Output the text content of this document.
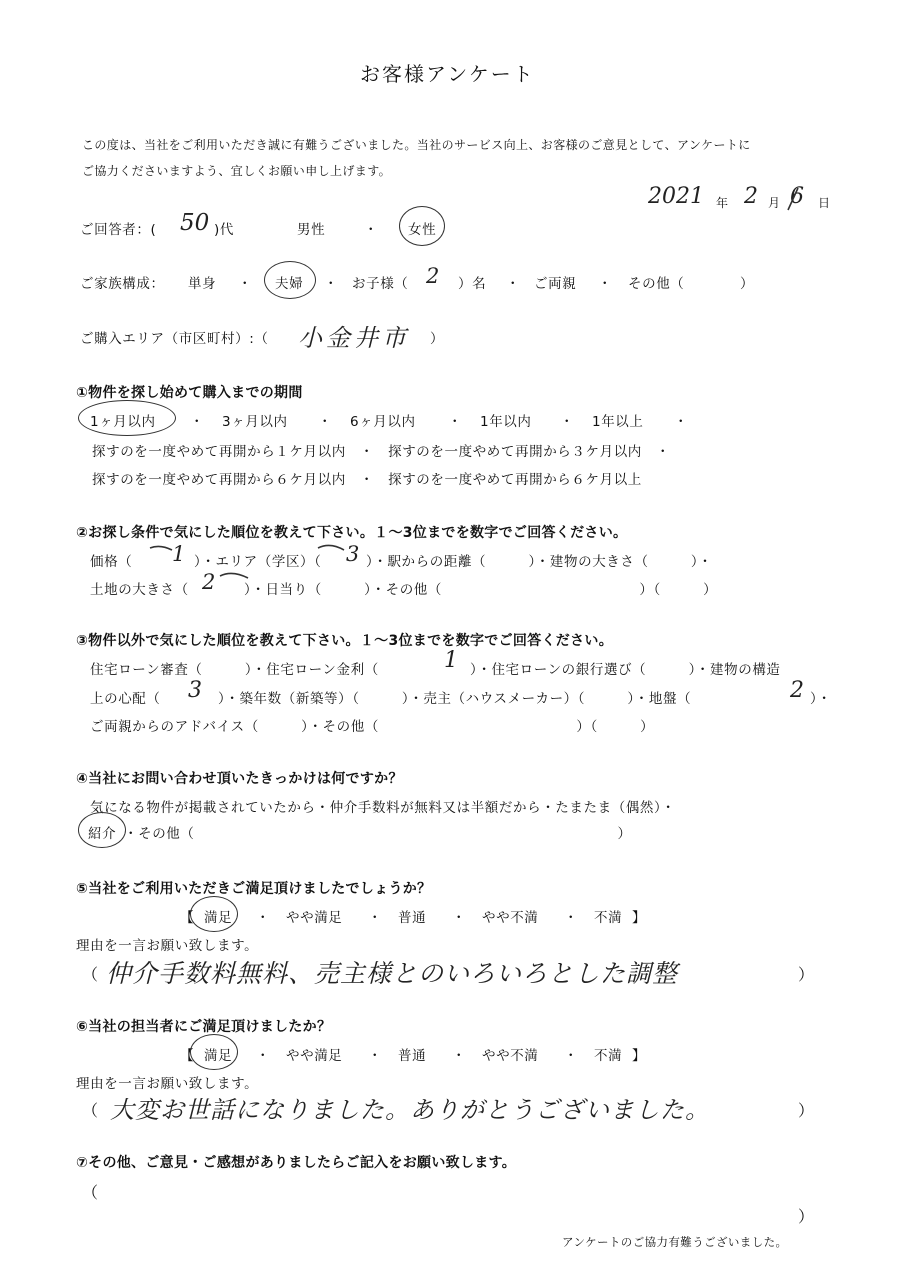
お客様アンケート
この度は、当社をご利用いただき誠に有難うございました。当社のサービス向上、お客様のご意見として、アンケートに
ご協力くださいますよう、宜しくお願い申し上げます。
2021 年 2 月 6 日
ご回答者：( 50 )代	男性	・ 女性
ご家族構成： 単身 ・ 夫婦 ・ お子様（ 2 ）名 ・ ご両親 ・ その他（	）
ご購入エリア（市区町村）:（ 小金井市 ）
①物件を探し始めて購入までの期間
1ヶ月以内	・ 3ヶ月以内 ・ 6ヶ月以内 ・ 1年以内 ・ 1年以上 ・
探すのを一度やめて再開から１ケ月以内　・　探すのを一度やめて再開から３ケ月以内　・
探すのを一度やめて再開から６ケ月以内　・　探すのを一度やめて再開から６ケ月以上
②お探し条件で気にした順位を教えて下さい。１～3位までを数字でご回答ください。
価格（ 1 ）・エリア（学区）（ 3 ）・駅からの距離（　　　）・建物の大きさ（　　　）・
土地の大きさ（ 2 ）・日当り（　　　）・その他（　　　　　　　　　　　　　　）（　　　）
③物件以外で気にした順位を教えて下さい。１～3位までを数字でご回答ください。
住宅ローン審査（　　　）・住宅ローン金利（	1 ）・住宅ローンの銀行選び（　　　）・建物の構造
上の心配（ 3 ）・築年数（新築等）（　　　）・売主（ハウスメーカー）（　　　）・地盤（	2 ）・
ご両親からのアドバイス（　　　）・その他（　　　　　　　　　　　　　　）（　　　）
④当社にお問い合わせ頂いたきっかけは何ですか？
気になる物件が掲載されていたから・仲介手数料が無料又は半額だから・たまたま（偶然）・
紹介 ・その他（　　　　　　　　　　　　　　　　　　　　　　　　　　　　　　）
⑤当社をご利用いただきご満足頂けましたでしょうか？
【 満足 ・ やや満足 ・ 普通 ・ やや不満 ・ 不満 】
理由を一言お願い致します。
（ 仲介手数料無料、売主様とのいろいろとした調整	）
⑥当社の担当者にご満足頂けましたか？
【 満足 ・ やや満足 ・ 普通 ・ やや不満 ・ 不満 】
理由を一言お願い致します。
（ 大変お世話になりました。ありがとうございました。	）
⑦その他、ご意見・ご感想がありましたらご記入をお願い致します。
（
）
アンケートのご協力有難うございました。
